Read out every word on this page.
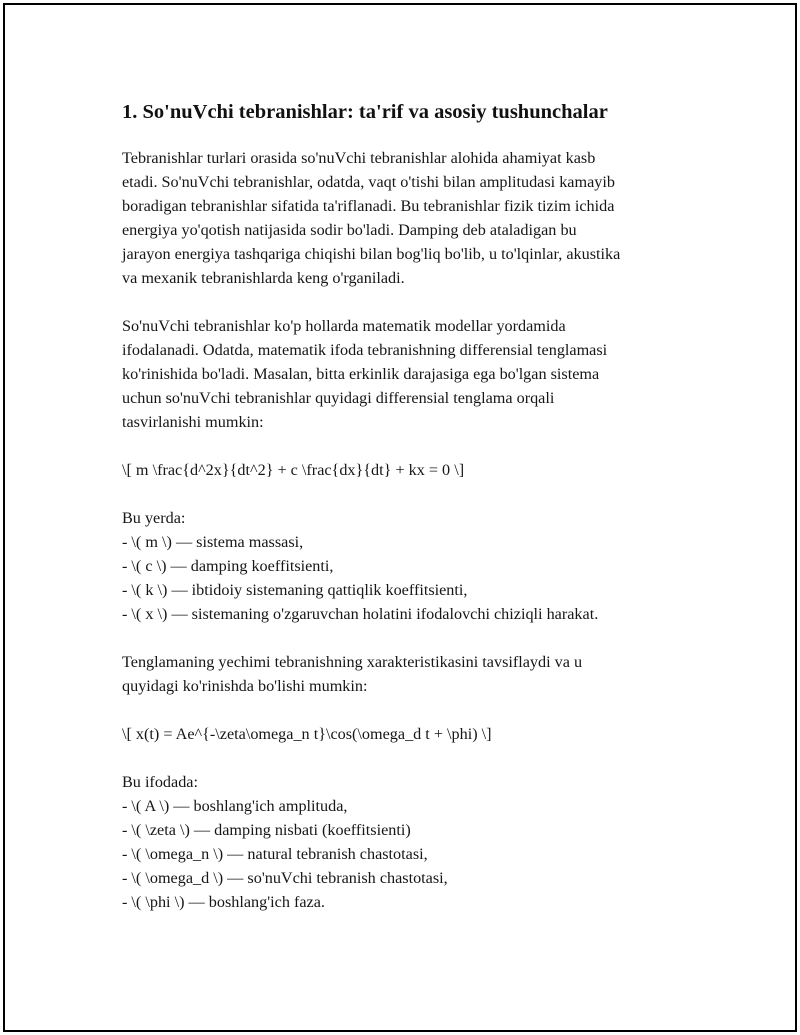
1. So'nuVchi tebranishlar: ta'rif va asosiy tushunchalar
Tebranishlar turlari orasida so'nuVchi tebranishlar alohida ahamiyat kasb
etadi. So'nuVchi tebranishlar, odatda, vaqt o'tishi bilan amplitudasi kamayib
boradigan tebranishlar sifatida ta'riflanadi. Bu tebranishlar fizik tizim ichida
energiya yo'qotish natijasida sodir bo'ladi. Damping deb ataladigan bu
jarayon energiya tashqariga chiqishi bilan bog'liq bo'lib, u to'lqinlar, akustika
va mexanik tebranishlarda keng o'rganiladi.
So'nuVchi tebranishlar ko'p hollarda matematik modellar yordamida
ifodalanadi. Odatda, matematik ifoda tebranishning differensial tenglamasi
ko'rinishida bo'ladi. Masalan, bitta erkinlik darajasiga ega bo'lgan sistema
uchun so'nuVchi tebranishlar quyidagi differensial tenglama orqali
tasvirlanishi mumkin:
\[ m \frac{d^2x}{dt^2} + c \frac{dx}{dt} + kx = 0 \]
Bu yerda:
- \( m \) — sistema massasi,
- \( c \) — damping koeffitsienti,
- \( k \) — ibtidoiy sistemaning qattiqlik koeffitsienti,
- \( x \) — sistemaning o'zgaruvchan holatini ifodalovchi chiziqli harakat.
Tenglamaning yechimi tebranishning xarakteristikasini tavsiflaydi va u
quyidagi ko'rinishda bo'lishi mumkin:
\[ x(t) = Ae^{-\zeta\omega_n t}\cos(\omega_d t + \phi) \]
Bu ifodada:
- \( A \) — boshlang'ich amplituda,
- \( \zeta \) — damping nisbati (koeffitsienti)
- \( \omega_n \) — natural tebranish chastotasi,
- \( \omega_d \) — so'nuVchi tebranish chastotasi,
- \( \phi \) — boshlang'ich faza.
